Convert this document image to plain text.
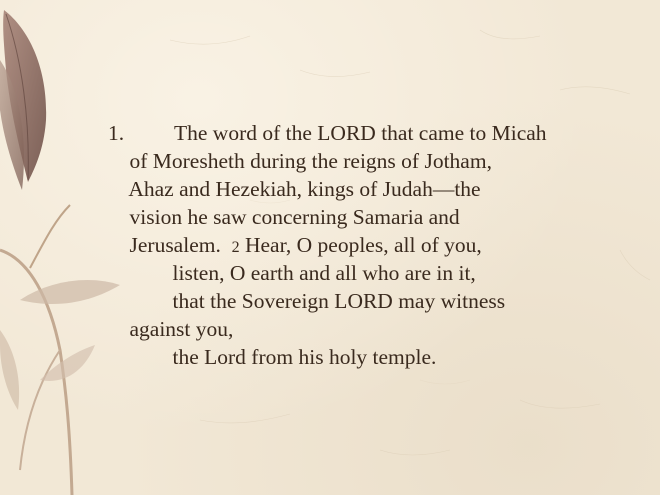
1. The word of the LORD that came to Micah
of Moresheth during the reigns of Jotham,
Ahaz and Hezekiah, kings of Judah—the
vision he saw concerning Samaria and
Jerusalem. 2 Hear, O peoples, all of you,
listen, O earth and all who are in it,
that the Sovereign LORD may witness
against you,
the Lord from his holy temple.
